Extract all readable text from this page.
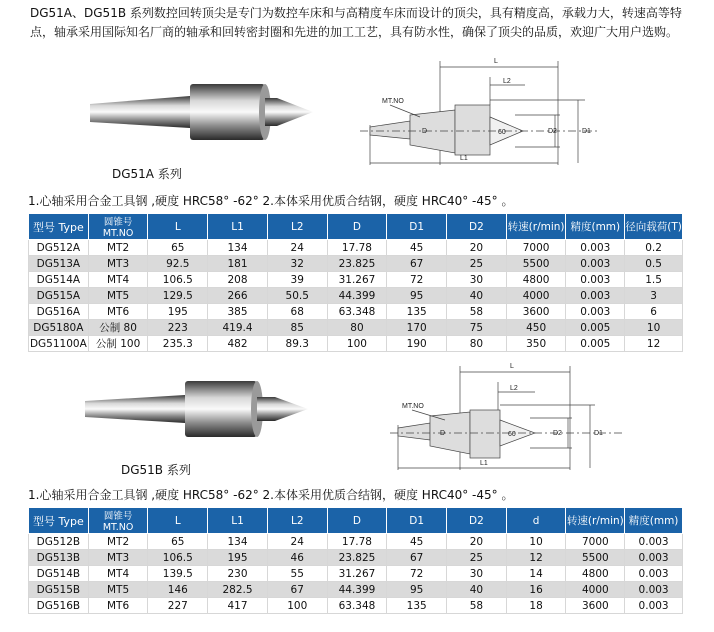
DG51A、DG51B 系列数控回转顶尖是专门为数控车床和与高精度车床而设计的顶尖，具有精度高，承载力大，转速高等特点，轴承采用国际知名厂商的轴承和回转密封圈和先进的加工工艺，具有防水性，确保了顶尖的品质，欢迎广大用户选购。
DG51A 系列
MT.NO
L
L2
L1
D	D2	D1
60
1.心轴采用合金工具钢 ,硬度 HRC58° -62° 2.本体采用优质合结钢，硬度 HRC40° -45° 。
型号 Type	圆锥号 MT.NO	L	L1	L2	D	D1	D2	转速(r/min)	精度(mm)	径向载荷(T)
DG512A	MT2	65	134	24	17.78	45	20	7000	0.003	0.2
DG513A	MT3	92.5	181	32	23.825	67	25	5500	0.003	0.5
DG514A	MT4	106.5	208	39	31.267	72	30	4800	0.003	1.5
DG515A	MT5	129.5	266	50.5	44.399	95	40	4000	0.003	3
DG516A	MT6	195	385	68	63.348	135	58	3600	0.003	6
DG5180A	公制 80	223	419.4	85	80	170	75	450	0.005	10
DG51100A	公制 100	235.3	482	89.3	100	190	80	350	0.005	12
DG51B 系列
MT.NO
L
L2
L1
D	D2	D1
60
1.心轴采用合金工具钢 ,硬度 HRC58° -62° 2.本体采用优质合结钢，硬度 HRC40° -45° 。
型号 Type	圆锥号 MT.NO	L	L1	L2	D	D1	D2	d	转速(r/min)	精度(mm)
DG512B	MT2	65	134	24	17.78	45	20	10	7000	0.003
DG513B	MT3	106.5	195	46	23.825	67	25	12	5500	0.003
DG514B	MT4	139.5	230	55	31.267	72	30	14	4800	0.003
DG515B	MT5	146	282.5	67	44.399	95	40	16	4000	0.003
DG516B	MT6	227	417	100	63.348	135	58	18	3600	0.003
